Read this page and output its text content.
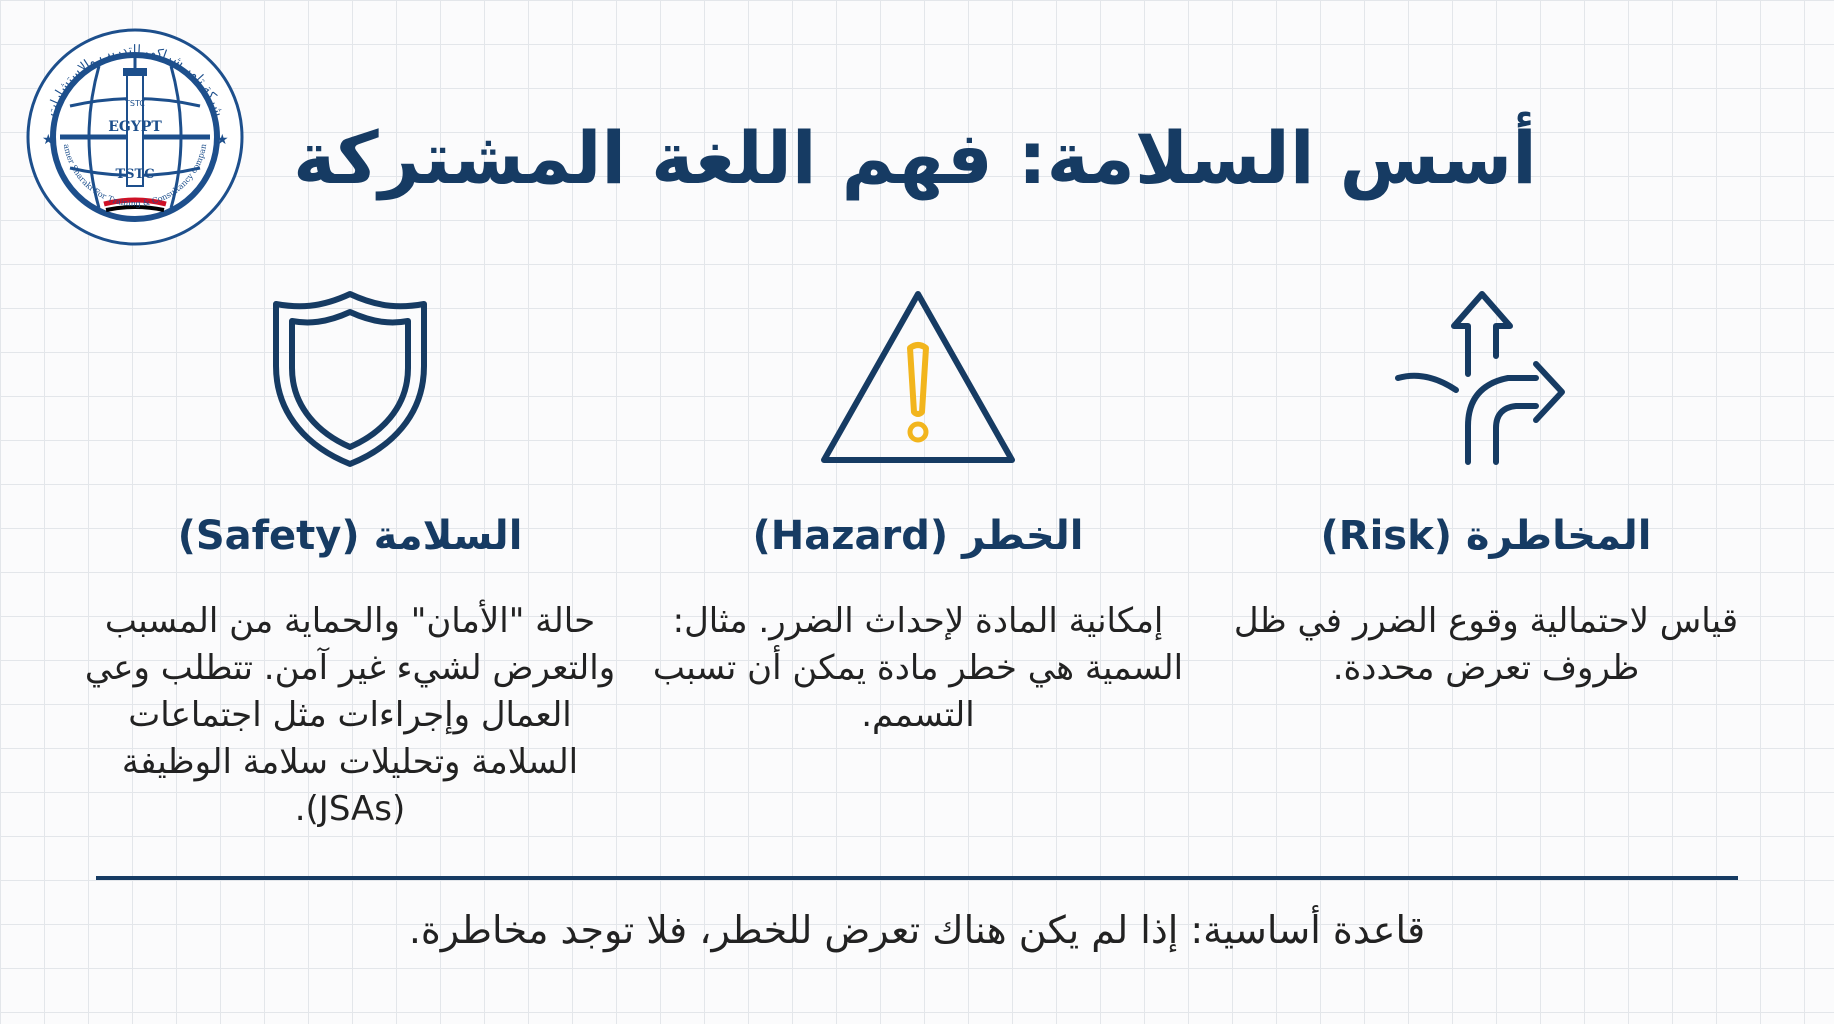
★	★
شركة تامر شراكي للتدريب والاستشارات
amer Sharaki For Training & Consultancy compan
EGYPT
TSTC
TSTC
أسس السلامة: فهم اللغة المشتركة
السلامة (Safety)
حالة "الأمان" والحماية من المسبب والتعرض لشيء غير آمن. تتطلب وعي العمال وإجراءات مثل اجتماعات السلامة وتحليلات سلامة الوظيفة (JSAs).
الخطر (Hazard)
إمكانية المادة لإحداث الضرر. مثال: السمية هي خطر مادة يمكن أن تسبب التسمم.
المخاطرة (Risk)
قياس لاحتمالية وقوع الضرر في ظل ظروف تعرض محددة.
قاعدة أساسية: إذا لم يكن هناك تعرض للخطر، فلا توجد مخاطرة.
